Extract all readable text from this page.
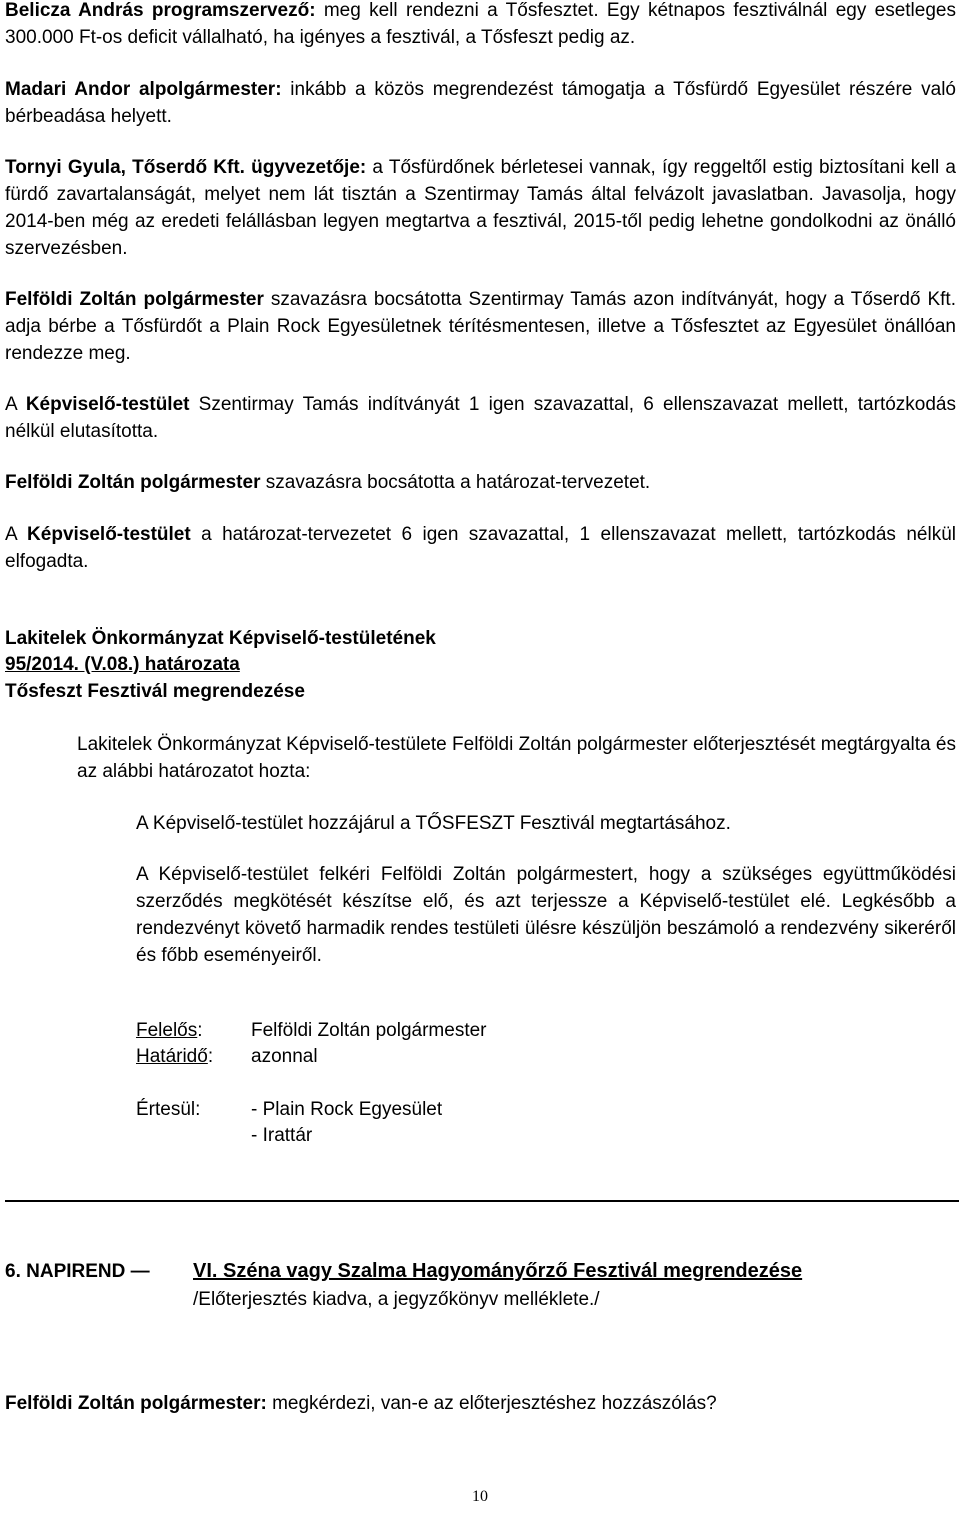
Belicza András programszervező: meg kell rendezni a Tősfesztet. Egy kétnapos fesztiválnál egy esetleges 300.000 Ft-os deficit vállalható, ha igényes a fesztivál, a Tősfeszt pedig az.

Madari Andor alpolgármester: inkább a közös megrendezést támogatja a Tősfürdő Egyesület részére való bérbeadása helyett.

Tornyi Gyula, Tőserdő Kft. ügyvezetője: a Tősfürdőnek bérletesei vannak, így reggeltől estig biztosítani kell a fürdő zavartalanságát, melyet nem lát tisztán a Szentirmay Tamás által felvázolt javaslatban. Javasolja, hogy 2014-ben még az eredeti felállásban legyen megtartva a fesztivál, 2015-től pedig lehetne gondolkodni az önálló szervezésben.

Felföldi Zoltán polgármester szavazásra bocsátotta Szentirmay Tamás azon indítványát, hogy a Tőserdő Kft. adja bérbe a Tősfürdőt a Plain Rock Egyesületnek térítésmentesen, illetve a Tősfesztet az Egyesület önállóan rendezze meg.

A Képviselő-testület Szentirmay Tamás indítványát 1 igen szavazattal, 6 ellenszavazat mellett, tartózkodás nélkül elutasította.

Felföldi Zoltán polgármester szavazásra bocsátotta a határozat-tervezetet.

A Képviselő-testület a határozat-tervezetet 6 igen szavazattal, 1 ellenszavazat mellett, tartózkodás nélkül elfogadta.

Lakitelek Önkormányzat Képviselő-testületének

95/2014. (V.08.) határozata

Tősfeszt Fesztivál megrendezése

Lakitelek Önkormányzat Képviselő-testülete Felföldi Zoltán polgármester előterjesztését megtárgyalta és az alábbi határozatot hozta:

A Képviselő-testület hozzájárul a TŐSFESZT Fesztivál megtartásához.

A Képviselő-testület felkéri Felföldi Zoltán polgármestert, hogy a szükséges együttműködési szerződés megkötését készítse elő, és azt terjessze a Képviselő-testület elé. Legkésőbb a rendezvényt követő harmadik rendes testületi ülésre készüljön beszámoló a rendezvény sikeréről és főbb eseményeiről.

Felelős:	Felföldi Zoltán polgármester
Határidő: azonnal
Értesül:	- Plain Rock Egyesület
- Irattár
6. NAPIREND — VI. Széna vagy Szalma Hagyományőrző Fesztivál megrendezése
/Előterjesztés kiadva, a jegyzőkönyv melléklete./

Felföldi Zoltán polgármester: megkérdezi, van-e az előterjesztéshez hozzászólás?

10
